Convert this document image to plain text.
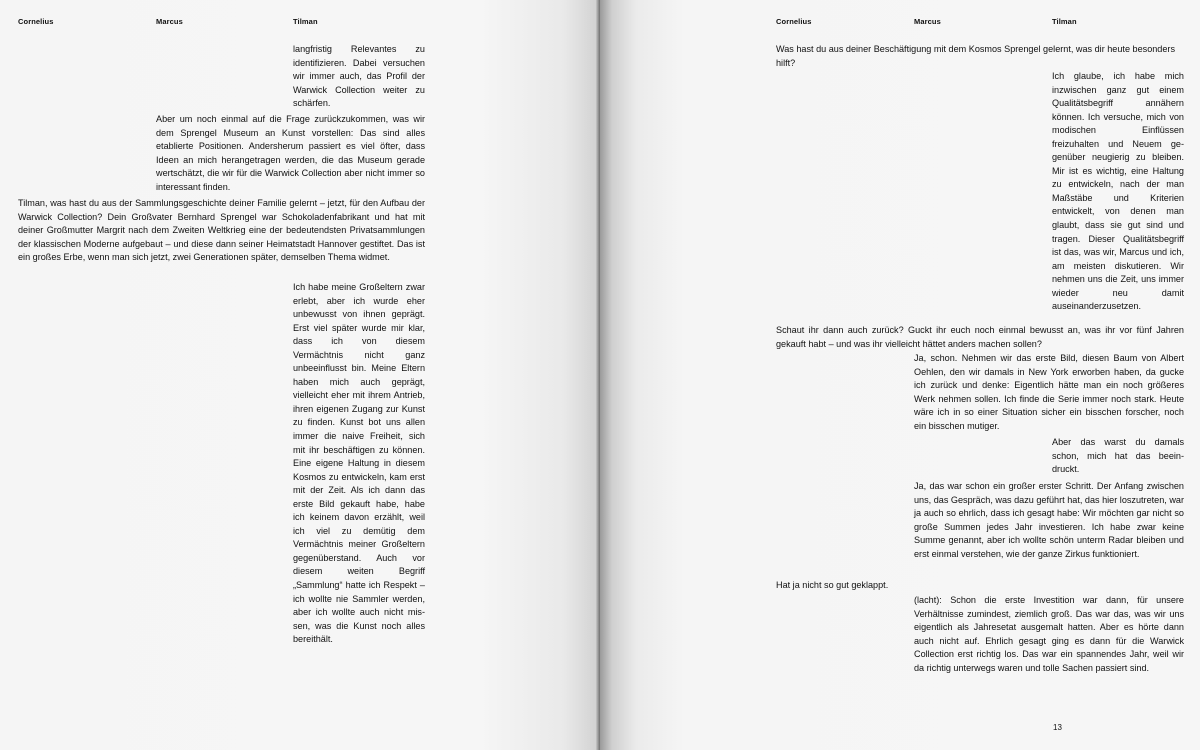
Cornelius	Marcus	Tilman

langfristig Relevantes zu identifizieren. Dabei versuchen wir immer auch, das Profil der Warwick Collection weiter zu schärfen.

Aber um noch einmal auf die Frage zurückzukommen, was wir dem Sprengel Museum an Kunst vorstellen: Das sind alles etablierte Positionen. Andersherum passiert es viel öfter, dass Ideen an mich herangetragen werden, die das Museum gerade wertschätzt, die wir für die Warwick Collection aber nicht immer so interessant finden.

Tilman, was hast du aus der Sammlungsgeschichte deiner Familie gelernt – jetzt, für den Aufbau der Warwick Collection? Dein Großvater Bernhard Sprengel war Schokoladenfabrikant und hat mit deiner Großmutter Margrit nach dem Zweiten Weltkrieg eine der bedeutendsten Privatsammlungen der klassischen Moderne aufgebaut – und diese dann seiner Heimatstadt Hannover gestiftet. Das ist ein großes Erbe, wenn man sich jetzt, zwei Generationen später, demselben Thema widmet.

Ich habe meine Großeltern zwar erlebt, aber ich wurde eher unbewusst von ihnen geprägt. Erst viel später wurde mir klar, dass ich von diesem Vermächtnis nicht ganz unbeeinflusst bin. Meine Eltern haben mich auch geprägt, vielleicht eher mit ihrem Antrieb, ihren eigenen Zugang zur Kunst zu finden. Kunst bot uns allen immer die naive Freiheit, sich mit ihr beschäftigen zu können. Eine eigene Haltung in diesem Kosmos zu entwickeln, kam erst mit der Zeit. Als ich dann das erste Bild gekauft habe, habe ich keinem davon erzählt, weil ich viel zu demütig dem Vermächtnis meiner Großeltern gegenüberstand. Auch vor diesem weiten Begriff „Sammlung“ hatte ich Respekt – ich wollte nie Sammler werden, aber ich wollte auch nicht missen, was die Kunst noch alles bereithält.

Cornelius	Marcus	Tilman

Was hast du aus deiner Beschäftigung mit dem Kosmos Sprengel gelernt, was dir heute besonders hilft?

Ich glaube, ich habe mich inzwischen ganz gut einem Qualitätsbegriff annähern können. Ich versuche, mich von modischen Einflüssen freizuhalten und Neuem gegenüber neugierig zu bleiben. Mir ist es wichtig, eine Haltung zu entwickeln, nach der man Maßstäbe und Kriterien entwickelt, von denen man glaubt, dass sie gut sind und tragen. Dieser Qualitätsbegriff ist das, was wir, Marcus und ich, am meisten diskutieren. Wir nehmen uns die Zeit, uns immer wieder neu damit auseinanderzusetzen.

Schaut ihr dann auch zurück? Guckt ihr euch noch einmal bewusst an, was ihr vor fünf Jahren gekauft habt – und was ihr vielleicht hättet anders machen sollen?

Ja, schon. Nehmen wir das erste Bild, diesen Baum von Albert Oehlen, den wir damals in New York erworben haben, da gucke ich zurück und denke: Eigentlich hätte man ein noch größeres Werk nehmen sollen. Ich finde die Serie immer noch stark. Heute wäre ich in so einer Situation sicher ein bisschen forscher, noch ein bisschen mutiger.

Aber das warst du damals schon, mich hat das beeindruckt.

Ja, das war schon ein großer erster Schritt. Der Anfang zwischen uns, das Gespräch, was dazu geführt hat, das hier loszutreten, war ja auch so ehrlich, dass ich gesagt habe: Wir möchten gar nicht so große Summen jedes Jahr investieren. Ich habe zwar keine Summe genannt, aber ich wollte schön unterm Radar bleiben und erst einmal verstehen, wie der ganze Zirkus funktioniert.

Hat ja nicht so gut geklappt.

(lacht): Schon die erste Investition war dann, für unsere Verhältnisse zumindest, ziemlich groß. Das war das, was wir uns eigentlich als Jahresetat ausgemalt hatten. Aber es hörte dann auch nicht auf. Ehrlich gesagt ging es dann für die Warwick Collection erst richtig los. Das war ein spannendes Jahr, weil wir da richtig unterwegs waren und tolle Sachen passiert sind.

13
